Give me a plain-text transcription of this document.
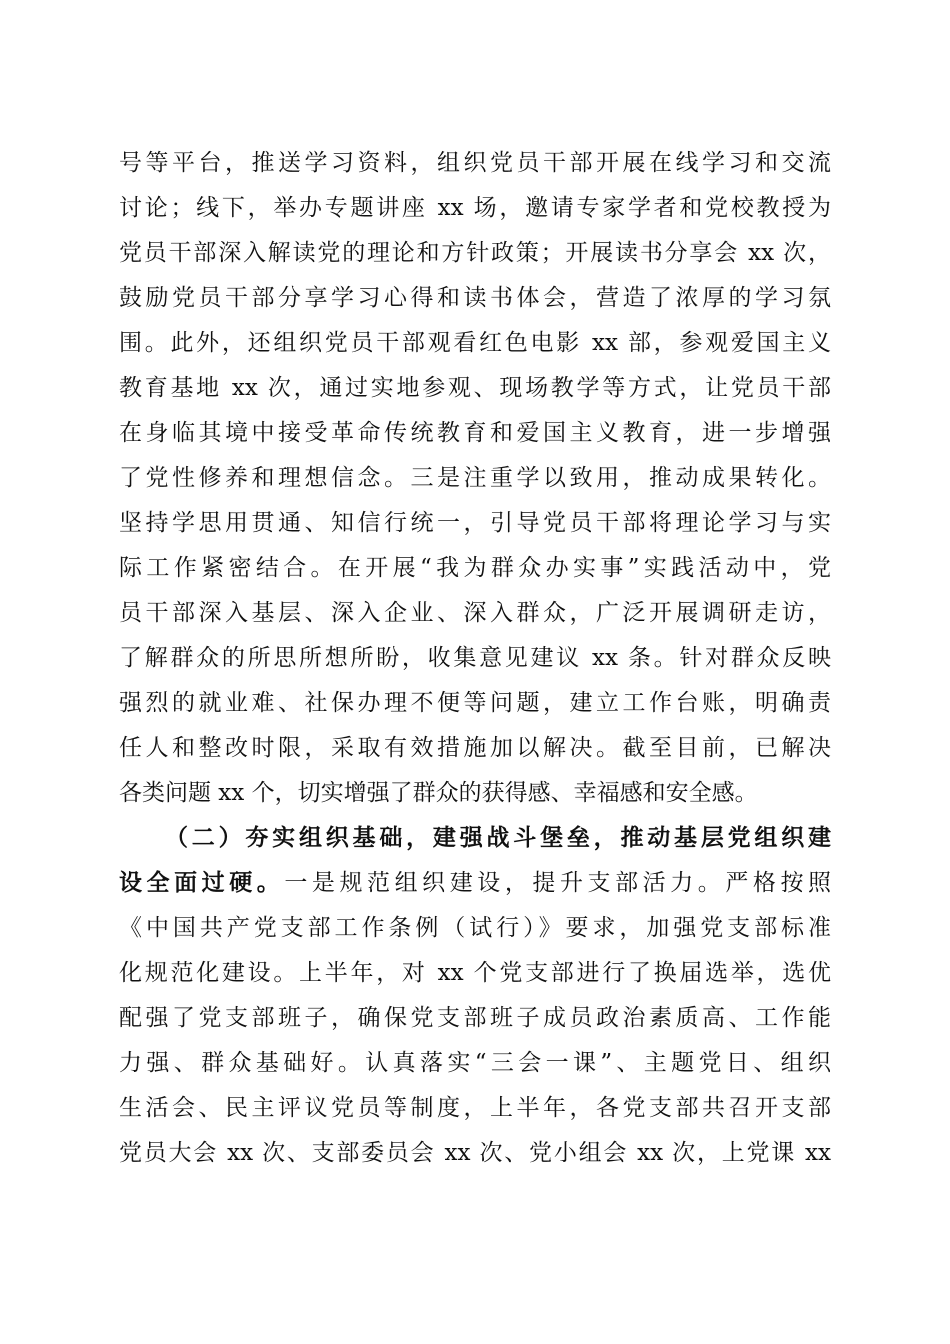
号等平台，推送学习资料，组织党员干部开展在线学习和交流
讨论；线下，举办专题讲座 xx 场，邀请专家学者和党校教授为
党员干部深入解读党的理论和方针政策；开展读书分享会 xx 次，
鼓励党员干部分享学习心得和读书体会，营造了浓厚的学习氛
围。此外，还组织党员干部观看红色电影 xx 部，参观爱国主义
教育基地 xx 次，通过实地参观、现场教学等方式，让党员干部
在身临其境中接受革命传统教育和爱国主义教育，进一步增强
了党性修养和理想信念。三是注重学以致用，推动成果转化。
坚持学思用贯通、知信行统一，引导党员干部将理论学习与实
际工作紧密结合。在开展“我为群众办实事”实践活动中，党
员干部深入基层、深入企业、深入群众，广泛开展调研走访，
了解群众的所思所想所盼，收集意见建议 xx 条。针对群众反映
强烈的就业难、社保办理不便等问题，建立工作台账，明确责
任人和整改时限，采取有效措施加以解决。截至目前，已解决
各类问题 xx 个，切实增强了群众的获得感、幸福感和安全感。
（二）夯实组织基础，建强战斗堡垒，推动基层党组织建
设全面过硬。一是规范组织建设，提升支部活力。严格按照
《中国共产党支部工作条例（试行）》要求，加强党支部标准
化规范化建设。上半年，对 xx 个党支部进行了换届选举，选优
配强了党支部班子，确保党支部班子成员政治素质高、工作能
力强、群众基础好。认真落实“三会一课”、主题党日、组织
生活会、民主评议党员等制度，上半年，各党支部共召开支部
党员大会 xx 次、支部委员会 xx 次、党小组会 xx 次，上党课 xx
